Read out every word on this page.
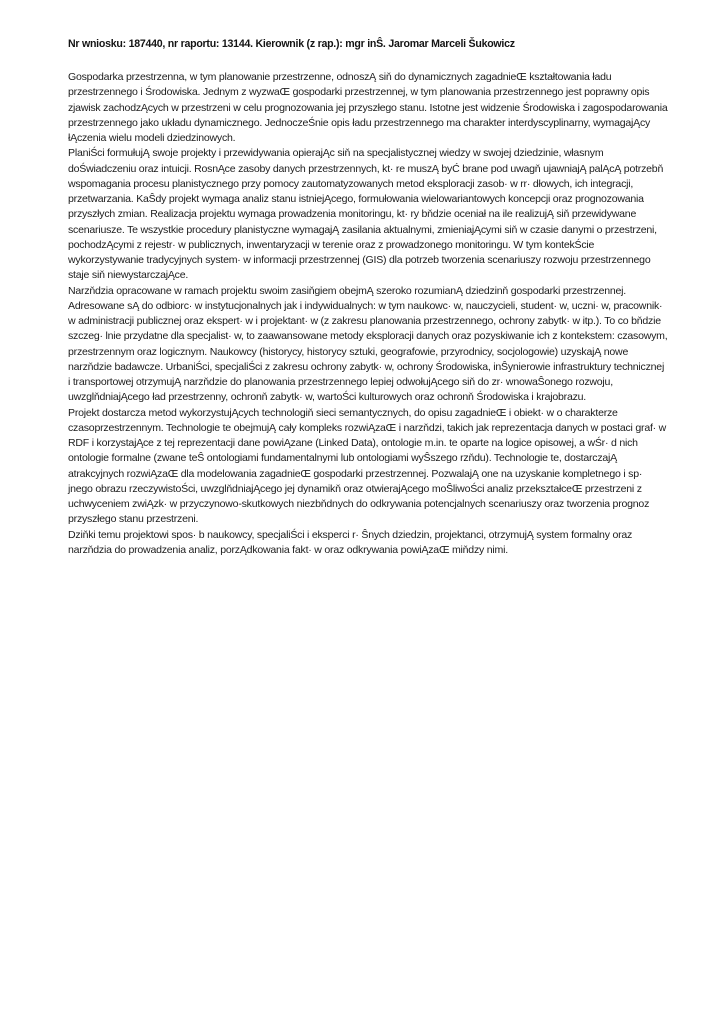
Nr wniosku: 187440, nr raportu: 13144. Kierownik (z rap.): mgr inŜ. Jaromar Marceli Šukowicz

Gospodarka przestrzenna, w tym planowanie przestrzenne, odnoszĄ siň do dynamicznych zagadnieŒ kształtowania ładu przestrzennego i Środowiska. Jednym z wyzwaŒ gospodarki przestrzennej, w tym planowania przestrzennego jest poprawny opis zjawisk zachodzĄcych w przestrzeni w celu prognozowania jej przyszłego stanu. Istotne jest widzenie Środowiska i zagospodarowania przestrzennego jako układu dynamicznego. JednoczeŚnie opis ładu przestrzennego ma charakter interdyscyplinarny, wymagajĄcy łĄczenia wielu modeli dziedzinowych.

PlaniŚci formułujĄ swoje projekty i przewidywania opierajĄc siň na specjalistycznej wiedzy w swojej dziedzinie, własnym doŚwiadczeniu oraz intuicji. RosnĄce zasoby danych przestrzennych, kt· re muszĄ byĆ brane pod uwagň ujawniajĄ palĄcĄ potrzebň wspomagania procesu planistycznego przy pomocy zautomatyzowanych metod eksploracji zasob· w rr· dłowych, ich integracji, przetwarzania. KaŜdy projekt wymaga analiz stanu istniejĄcego, formułowania wielowariantowych koncepcji oraz prognozowania przyszłych zmian. Realizacja projektu wymaga prowadzenia monitoringu, kt· ry bňdzie oceniał na ile realizujĄ siň przewidywane scenariusze. Te wszystkie procedury planistyczne wymagajĄ zasilania aktualnymi, zmieniajĄcymi siň w czasie danymi o przestrzeni, pochodzĄcymi z rejestr· w publicznych, inwentaryzacji w terenie oraz z prowadzonego monitoringu. W tym kontekŚcie wykorzystywanie tradycyjnych system· w informacji przestrzennej (GIS) dla potrzeb tworzenia scenariuszy rozwoju przestrzennego staje siň niewystarczajĄce.

Narzňdzia opracowane w ramach projektu swoim zasiňgiem obejmĄ szeroko rozumianĄ dziedzinň gospodarki przestrzennej. Adresowane sĄ do odbiorc· w instytucjonalnych jak i indywidualnych: w tym naukowc· w, nauczycieli, student· w, uczni· w, pracownik· w administracji publicznej oraz ekspert· w i projektant· w (z zakresu planowania przestrzennego, ochrony zabytk· w itp.). To co bňdzie szczeg· lnie przydatne dla specjalist· w, to zaawansowane metody eksploracji danych oraz pozyskiwanie ich z kontekstem: czasowym, przestrzennym oraz logicznym. Naukowcy (historycy, historycy sztuki, geografowie, przyrodnicy, socjologowie) uzyskajĄ nowe narzňdzie badawcze. UrbaniŚci, specjaliŚci z zakresu ochrony zabytk· w, ochrony Środowiska, inŜynierowie infrastruktury technicznej i transportowej otrzymujĄ narzňdzie do planowania przestrzennego lepiej odwołujĄcego siň do zr· wnowaŜonego rozwoju, uwzglňdniajĄcego ład przestrzenny, ochronň zabytk· w, wartoŚci kulturowych oraz ochronň Środowiska i krajobrazu.

Projekt dostarcza metod wykorzystujĄcych technologiň sieci semantycznych, do opisu zagadnieŒ i obiekt· w o charakterze czasoprzestrzennym. Technologie te obejmujĄ cały kompleks rozwiĄzaŒ i narzňdzi, takich jak reprezentacja danych w postaci graf· w RDF i korzystajĄce z tej reprezentacji dane powiĄzane (Linked Data), ontologie m.in. te oparte na logice opisowej, a wŚr· d nich ontologie formalne (zwane teŜ ontologiami fundamentalnymi lub ontologiami wyŜszego rzňdu). Technologie te, dostarczajĄ atrakcyjnych rozwiĄzaŒ dla modelowania zagadnieŒ gospodarki przestrzennej. PozwalajĄ one na uzyskanie kompletnego i sp· jnego obrazu rzeczywistoŚci, uwzglňdniajĄcego jej dynamikň oraz otwierajĄcego moŜliwoŚci analiz przekształceŒ przestrzeni z uchwyceniem zwiĄzk· w przyczynowo-skutkowych niezbňdnych do odkrywania potencjalnych scenariuszy oraz tworzenia prognoz przyszłego stanu przestrzeni.

Dziňki temu projektowi spos· b naukowcy, specjaliŚci i eksperci r· Ŝnych dziedzin, projektanci, otrzymujĄ system formalny oraz narzňdzia do prowadzenia analiz, porzĄdkowania fakt· w oraz odkrywania powiĄzaŒ miňdzy nimi.
